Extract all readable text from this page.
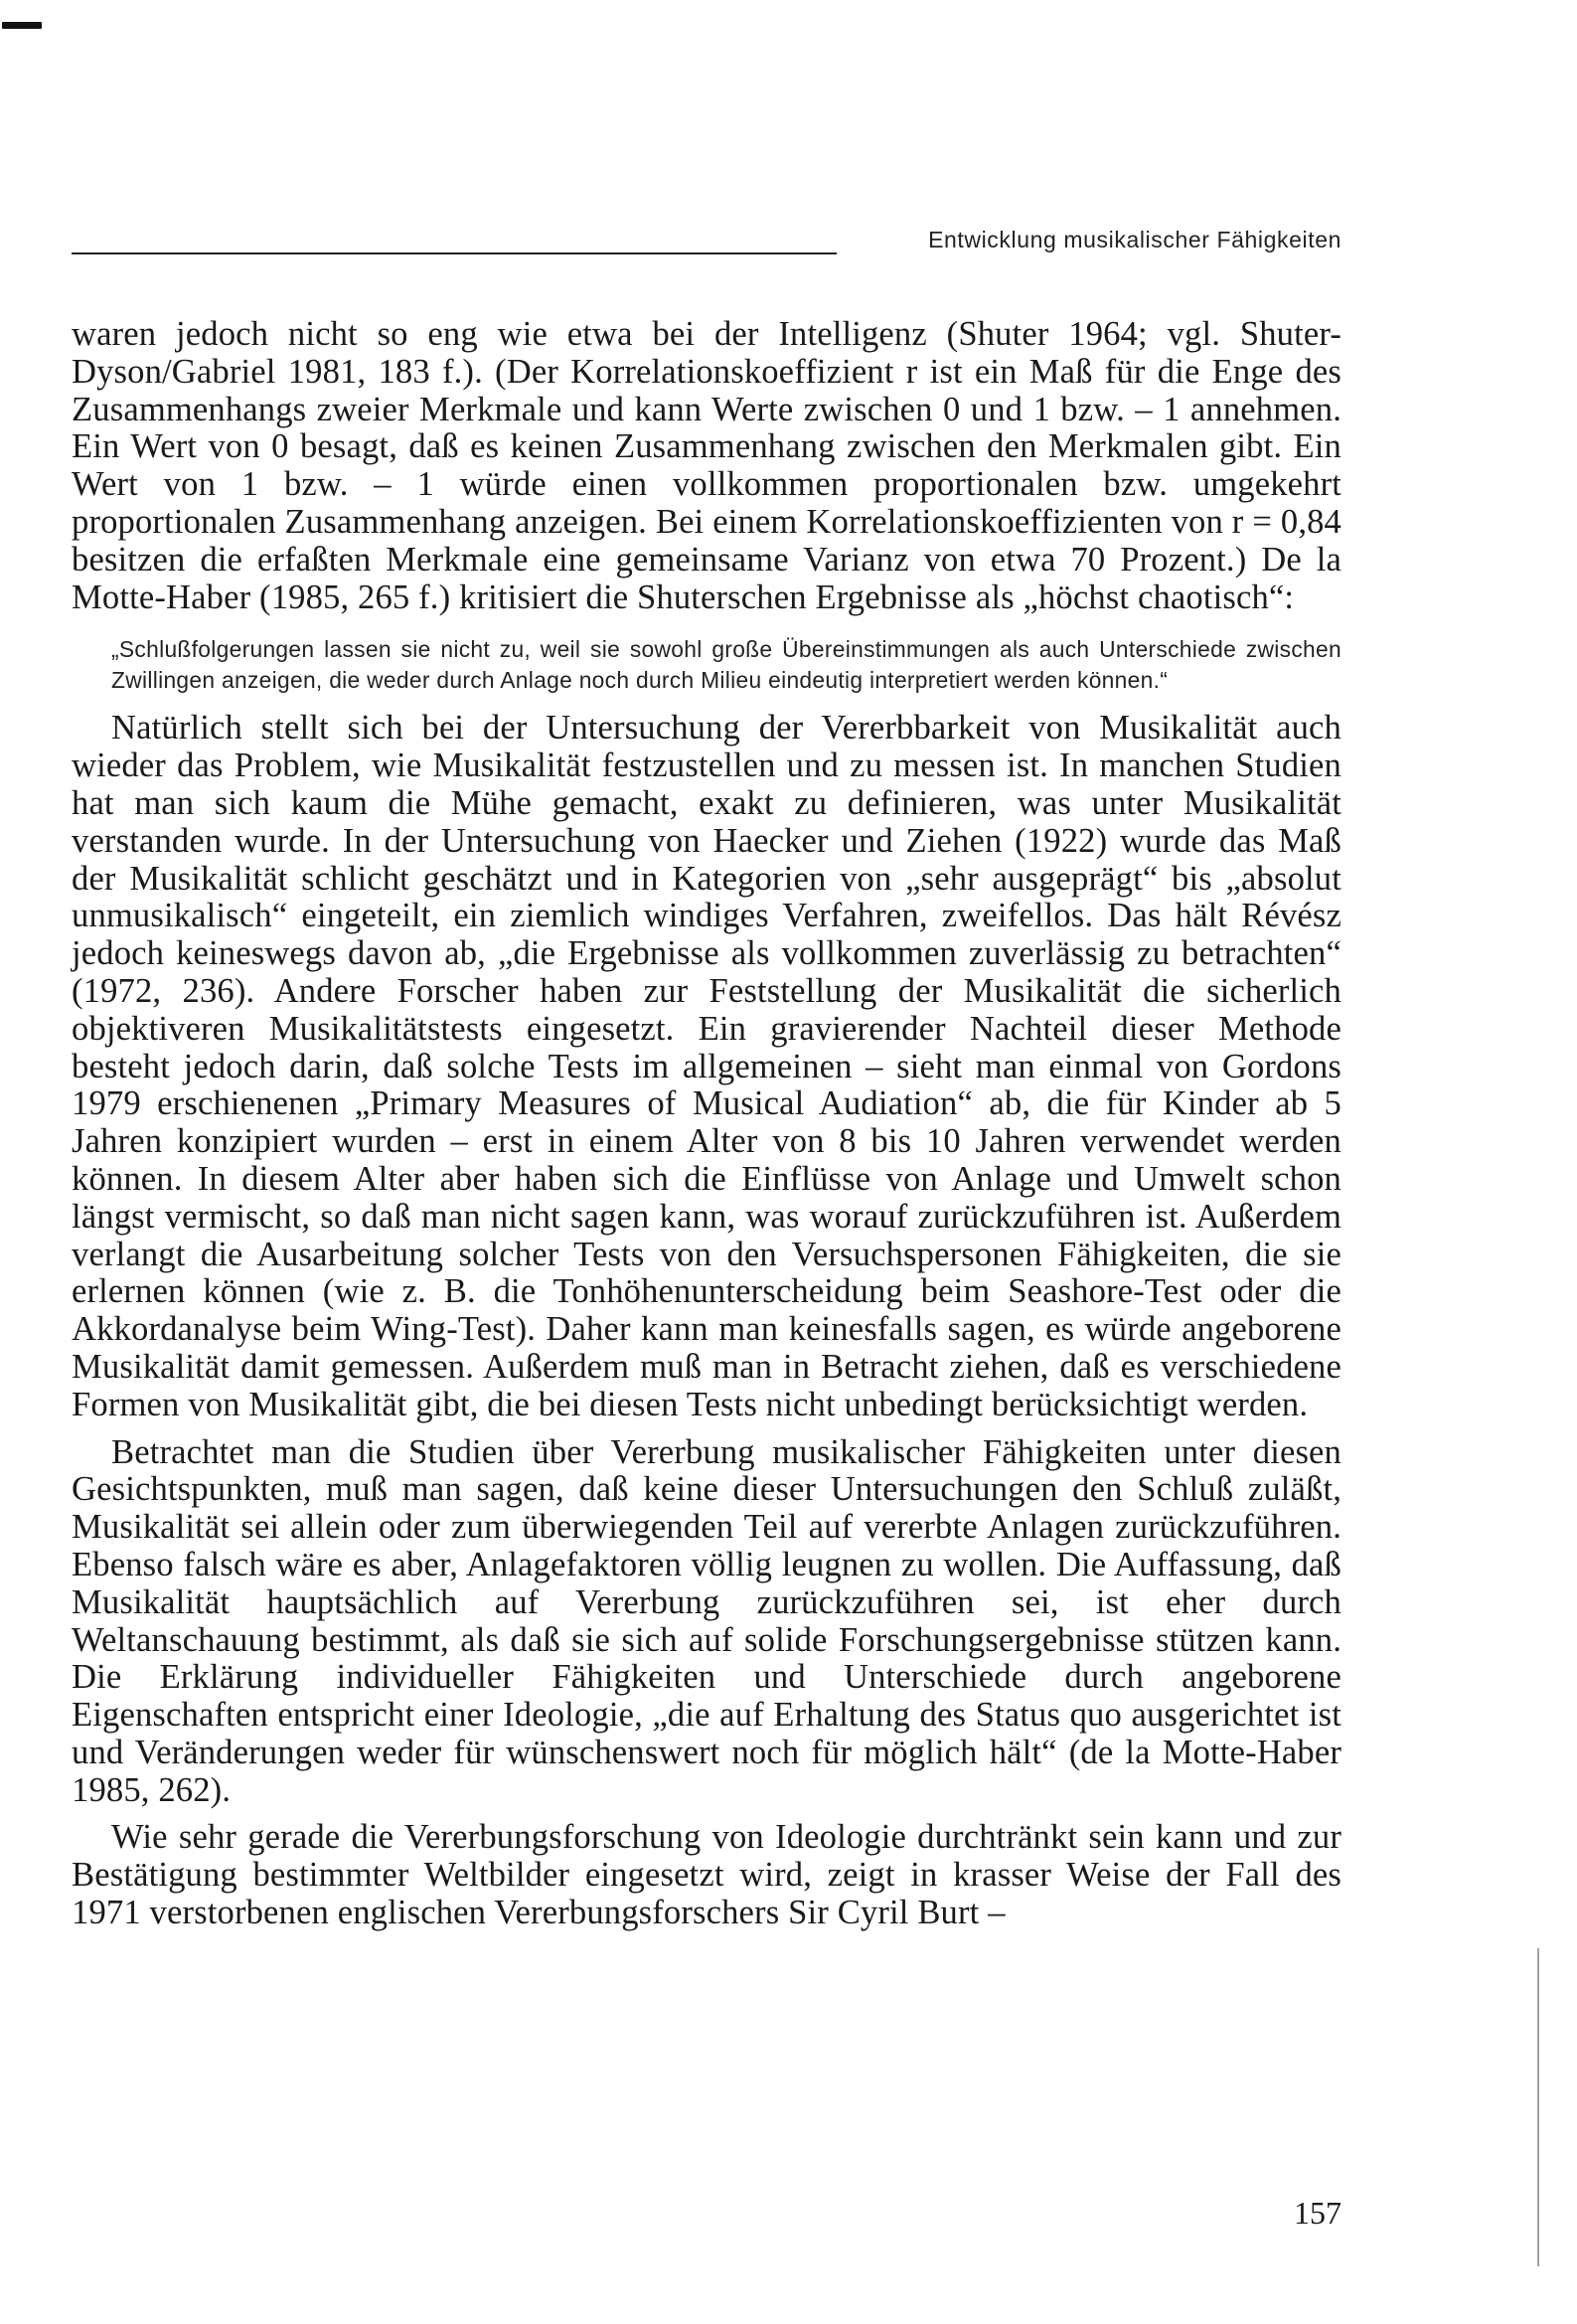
Entwicklung musikalischer Fähigkeiten

waren jedoch nicht so eng wie etwa bei der Intelligenz (Shuter 1964; vgl. Shuter-Dyson/Gabriel 1981, 183 f.). (Der Korrelationskoeffizient r ist ein Maß für die Enge des Zusammenhangs zweier Merkmale und kann Werte zwischen 0 und 1 bzw. – 1 annehmen. Ein Wert von 0 besagt, daß es keinen Zusammenhang zwischen den Merkmalen gibt. Ein Wert von 1 bzw. – 1 würde einen vollkommen proportionalen bzw. umgekehrt proportionalen Zusammenhang anzeigen. Bei einem Korrelationskoeffizienten von r = 0,84 besitzen die erfaßten Merkmale eine gemeinsame Varianz von etwa 70 Prozent.) De la Motte-Haber (1985, 265 f.) kritisiert die Shuterschen Ergebnisse als „höchst chaotisch“:

„Schlußfolgerungen lassen sie nicht zu, weil sie sowohl große Übereinstimmungen als auch Unterschiede zwischen Zwillingen anzeigen, die weder durch Anlage noch durch Milieu eindeutig interpretiert werden können.“

Natürlich stellt sich bei der Untersuchung der Vererbbarkeit von Musikalität auch wieder das Problem, wie Musikalität festzustellen und zu messen ist. In manchen Studien hat man sich kaum die Mühe gemacht, exakt zu definieren, was unter Musikalität verstanden wurde. In der Untersuchung von Haecker und Ziehen (1922) wurde das Maß der Musikalität schlicht geschätzt und in Kategorien von „sehr ausgeprägt“ bis „absolut unmusikalisch“ eingeteilt, ein ziemlich windiges Verfahren, zweifellos. Das hält Révész jedoch keineswegs davon ab, „die Ergebnisse als vollkommen zuverlässig zu betrachten“ (1972, 236). Andere Forscher haben zur Feststellung der Musikalität die sicherlich objektiveren Musikalitätstests eingesetzt. Ein gravierender Nachteil dieser Methode besteht jedoch darin, daß solche Tests im allgemeinen – sieht man einmal von Gordons 1979 erschienenen „Primary Measures of Musical Audiation“ ab, die für Kinder ab 5 Jahren konzipiert wurden – erst in einem Alter von 8 bis 10 Jahren verwendet werden können. In diesem Alter aber haben sich die Einflüsse von Anlage und Umwelt schon längst vermischt, so daß man nicht sagen kann, was worauf zurückzuführen ist. Außerdem verlangt die Ausarbeitung solcher Tests von den Versuchspersonen Fähigkeiten, die sie erlernen können (wie z. B. die Tonhöhenunterscheidung beim Seashore-Test oder die Akkordanalyse beim Wing-Test). Daher kann man keinesfalls sagen, es würde angeborene Musikalität damit gemessen. Außerdem muß man in Betracht ziehen, daß es verschiedene Formen von Musikalität gibt, die bei diesen Tests nicht unbedingt berücksichtigt werden.

Betrachtet man die Studien über Vererbung musikalischer Fähigkeiten unter diesen Gesichtspunkten, muß man sagen, daß keine dieser Untersuchungen den Schluß zuläßt, Musikalität sei allein oder zum überwiegenden Teil auf vererbte Anlagen zurückzuführen. Ebenso falsch wäre es aber, Anlagefaktoren völlig leugnen zu wollen. Die Auffassung, daß Musikalität hauptsächlich auf Vererbung zurückzuführen sei, ist eher durch Weltanschauung bestimmt, als daß sie sich auf solide Forschungsergebnisse stützen kann. Die Erklärung individueller Fähigkeiten und Unterschiede durch angeborene Eigenschaften entspricht einer Ideologie, „die auf Erhaltung des Status quo ausgerichtet ist und Veränderungen weder für wünschenswert noch für möglich hält“ (de la Motte-Haber 1985, 262).

Wie sehr gerade die Vererbungsforschung von Ideologie durchtränkt sein kann und zur Bestätigung bestimmter Weltbilder eingesetzt wird, zeigt in krasser Weise der Fall des 1971 verstorbenen englischen Vererbungsforschers Sir Cyril Burt –

157
